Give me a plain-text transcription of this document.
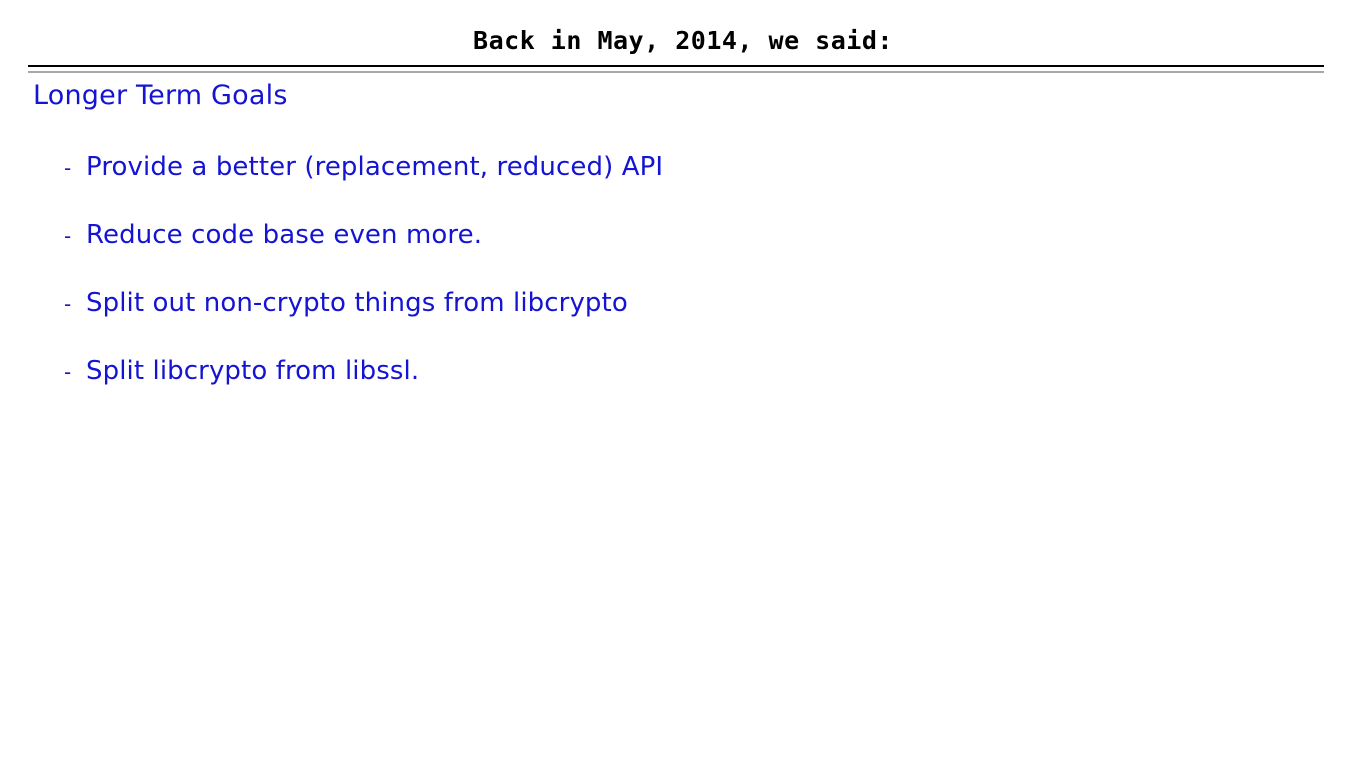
Back in May, 2014, we said:
Longer Term Goals
- Provide a better (replacement, reduced) API
- Reduce code base even more.
- Split out non-crypto things from libcrypto
- Split libcrypto from libssl.
